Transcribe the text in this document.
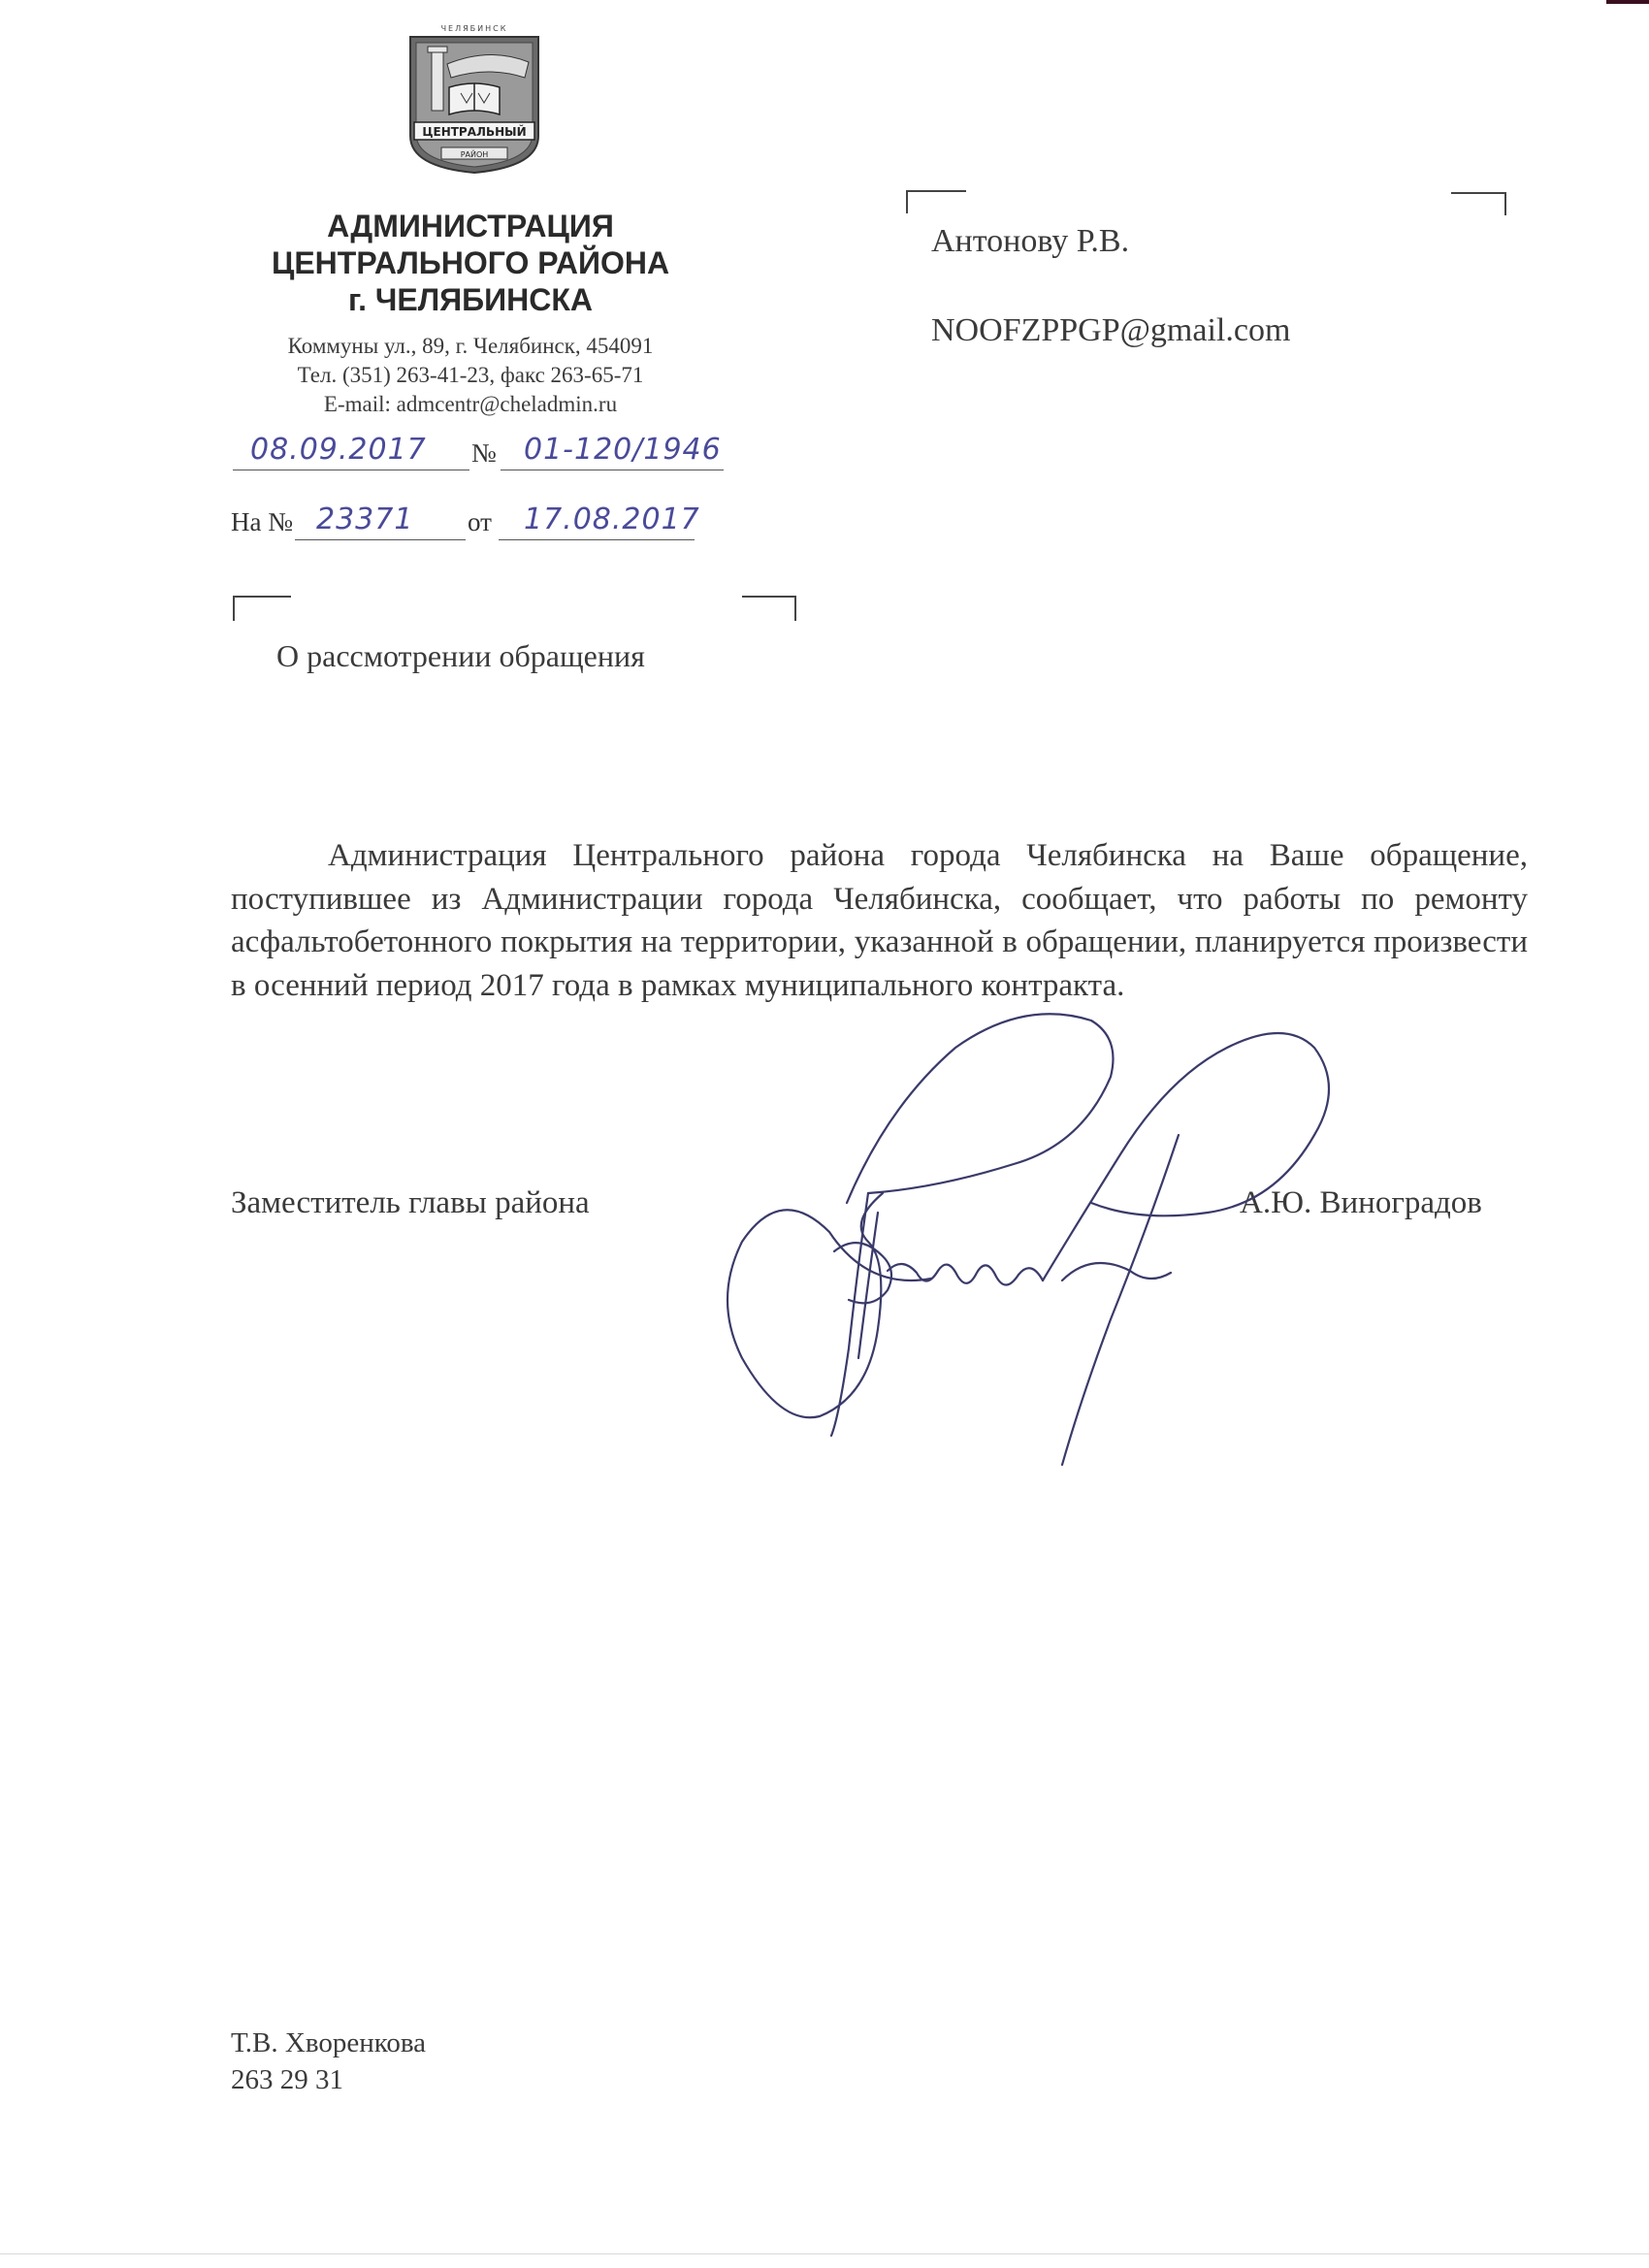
ЧЕЛЯБИНСК
ЦЕНТРАЛЬНЫЙ
РАЙОН
АДМИНИСТРАЦИЯ
ЦЕНТРАЛЬНОГО РАЙОНА
г. ЧЕЛЯБИНСКА
Коммуны ул., 89, г. Челябинск, 454091
Тел. (351) 263-41-23, факс 263-65-71
E-mail: admcentr@cheladmin.ru
08.09.2017 № 01-120/1946
На № 23371 от 17.08.2017
Антонову Р.В.
NOOFZPPGP@gmail.com
О рассмотрении обращения
Администрация Центрального района города Челябинска на Ваше обращение, поступившее из Администрации города Челябинска, сообщает, что работы по ремонту асфальтобетонного покрытия на территории, указанной в обращении, планируется произвести в осенний период 2017 года в рамках муниципального контракта.
Заместитель главы района	А.Ю. Виноградов
Т.В. Хворенкова
263 29 31
